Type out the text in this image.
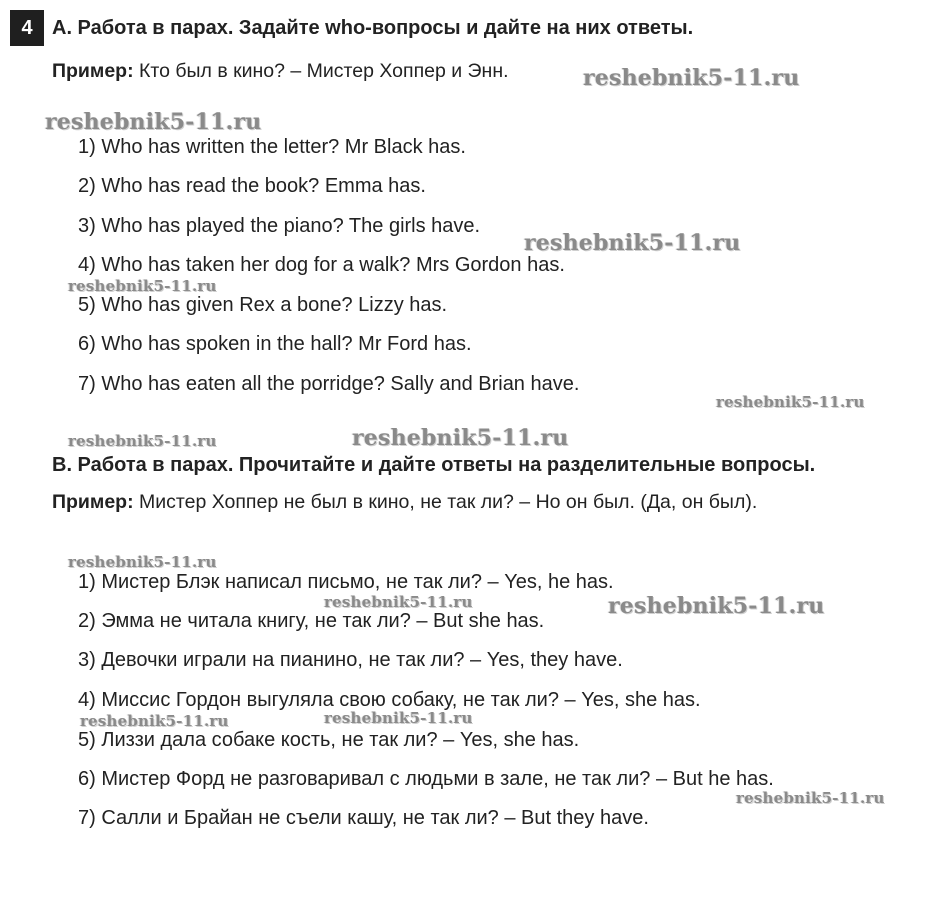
4 A. Работа в парах. Задайте who-вопросы и дайте на них ответы.
Пример: Кто был в кино? – Мистер Хоппер и Энн.
1) Who has written the letter? Mr Black has.
2) Who has read the book? Emma has.
3) Who has played the piano? The girls have.
4) Who has taken her dog for a walk? Mrs Gordon has.
5) Who has given Rex a bone? Lizzy has.
6) Who has spoken in the hall? Mr Ford has.
7) Who has eaten all the porridge? Sally and Brian have.
B. Работа в парах. Прочитайте и дайте ответы на разделительные вопросы.
Пример: Мистер Хоппер не был в кино, не так ли? – Но он был. (Да, он был).
1) Мистер Блэк написал письмо, не так ли? – Yes, he has.
2) Эмма не читала книгу, не так ли? – But she has.
3) Девочки играли на пианино, не так ли? – Yes, they have.
4) Миссис Гордон выгуляла свою собаку, не так ли? – Yes, she has.
5) Лиззи дала собаке кость, не так ли? – Yes, she has.
6) Мистер Форд не разговаривал с людьми в зале, не так ли? – But he has.
7) Салли и Брайан не съели кашу, не так ли? – But they have.
reshebnik5-11.ru
reshebnik5-11.ru
reshebnik5-11.ru
reshebnik5-11.ru
reshebnik5-11.ru
reshebnik5-11.ru	reshebnik5-11.ru
reshebnik5-11.ru
reshebnik5-11.ru	reshebnik5-11.ru
reshebnik5-11.ru	reshebnik5-11.ru
reshebnik5-11.ru
